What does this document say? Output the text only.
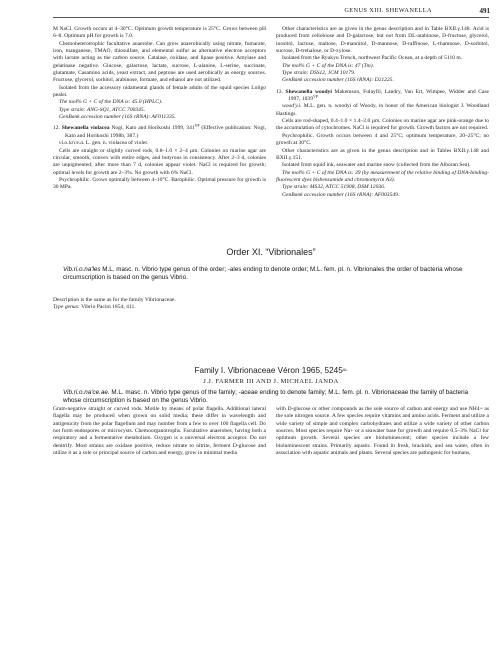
GENUS XIII. SHEWANELLA	491

M NaCl. Growth occurs at 4–30°C. Optimum growth temperature is 25°C. Grows between pH 6–8. Optimum pH for growth is 7.0.

Chemoheterotrophic facultative anaerobe. Can grow anaerobically using nitrate, fumarate, iron, manganese, TMAO, thiosulfate, and elemental sulfur as alternative electron acceptors with lactate acting as the carbon source. Catalase, oxidase, and lipase positive. Amylase and gelatinase negative. Glucose, galactose, lactate, sucrose, L-alanine, L-serine, succinate, glutamate, Casamino acids, yeast extract, and peptone are used aerobically as energy sources. Fructose, glycerol, sorbitol, arabinose, formate, and ethanol are not utilized.

Isolated from the accessory nidamental glands of female adults of the squid species Loligo pealei.

The mol% G + C of the DNA is: 45.0 (HPLC).

Type strain: ANG-SQ1, ATCC 700345.

GenBank accession number (16S rRNA): AF011335.

12. Shewanella violacea Nogi, Kato and Horikoshi 1999, $341^{VP}$ (Effective publication: Nogi, Kato and Horikoshi 1998b, 387.)

vi.o.la'ce.a. L. gen. n. violacea of violet.

Cells are straight or slightly curved rods, 0.8–1.0 × 2–4 µm. Colonies on marine agar are circular, smooth, convex with entire edges, and butyrous in consistency. After 2–3 d, colonies are unpigmented; after more than 7 d, colonies appear violet. NaCl is required for growth; optimal levels for growth are 2–3%. No growth with 6% NaCl.

Psychrophilic. Grows optimally between 4–10°C. Barophilic. Optimal pressure for growth is 30 MPa.

Other characteristics are as given in the genus description and in Table BXII.γ.148. Acid is produced from cellobiose and D-galactose, but not from DL-arabinose, D-fructose, glycerol, inositol, lactose, maltose, D-mannitol, D-mannose, D-raffinose, L-rhamnose, D-sorbitol, sucrose, D-trehalose, or D-xylose.

Isolated from the Ryukyu Trench, northwest Pacific Ocean, at a depth of 5110 m.

The mol% G + C of the DNA is: 47 (Tm).

Type strain: DSS12, JCM 10179.

GenBank accession number (16S rRNA): D21225.

13. Shewanella woodyi Makemson, Fulayfil, Landry, Van Ert, Wimpee, Widder and Case 1997, $1039^{VP}$

wood'y.i. M.L. gen. n. woodyi of Woody, in honor of the American biologist J. Woodland Hastings.

Cells are rod-shaped, 0.4–1.0 × 1.4–2.0 µm. Colonies on marine agar are pink-orange due to the accumulation of cytochromes. NaCl is required for growth. Growth factors are not required.

Psychrophilic. Growth occurs between 4 and 25°C; optimum temperature, 20–25°C; no growth at 30°C.

Other characteristics are as given in the genus description and in Tables BXII.γ.148 and BXII.γ.151.

Isolated from squid ink, seawater and marine snow (collected from the Alboran Sea).

The mol% G + C of the DNA is: 39 (by measurement of the relative binding of DNA-binding-fluorescent dyes bisbenzamide and chromomycin A3).

Type strain: MS32, ATCC 51908, DSM 12036.

GenBank accession number (16S rRNA): AF003549.

Order XI. “Vibrionales”
Vib.ri.o.na'les M.L. masc. n. Vibrio type genus of the order; -ales ending to denote order; M.L. fem. pl. n. Vibrionales the order of bacteria whose circumscription is based on the genus Vibrio.

Description is the same as for the family Vibrionaceae.

Type genus: Vibrio Pacini 1854, 411.

Family I. Vibrionaceae Véron 1965, $5245^{AL}$
J.J. FARMER III AND J. MICHAEL JANDA
Vib.ri.o.na'ce.ae. M.L. masc. n. Vibrio type genus of the family; -aceae ending to denote family; M.L. fem. pl. n. Vibrionaceae the family of bacteria whose circumscription is based on the genus Vibrio.

Gram-negative straight or curved rods. Motile by means of polar flagella. Additional lateral flagella may be produced when grown on solid media; these differ in wavelength and antigenicity from the polar flagellum and may number from a few to over 100 flagella cell. Do not form endospores or microcysts. Chemoorganotrophs. Facultative anaerobes, having both a respiratory and a fermentative metabolism. Oxygen is a universal electron acceptor. Do not denitrify. Most strains are oxidase positive, reduce nitrate to nitrite, ferment D-glucose and utilize it as a sole or principal source of carbon and energy, grow in minimal media

with D-glucose or other compounds as the sole source of carbon and energy and use NH4+ as the sole nitrogen source. A few species require vitamins and amino acids. Ferment and utilize a wide variety of simple and complex carbohydrates and utilize a wide variety of other carbon sources. Most species require Na+ or a seawater base for growth and require 0.5–3% NaCl for optimum growth. Several species are bioluminescent; other species include a few bioluminescent strains. Primarily aquatic. Found in fresh, brackish, and sea water, often in association with aquatic animals and plants. Several species are pathogenic for humans,
